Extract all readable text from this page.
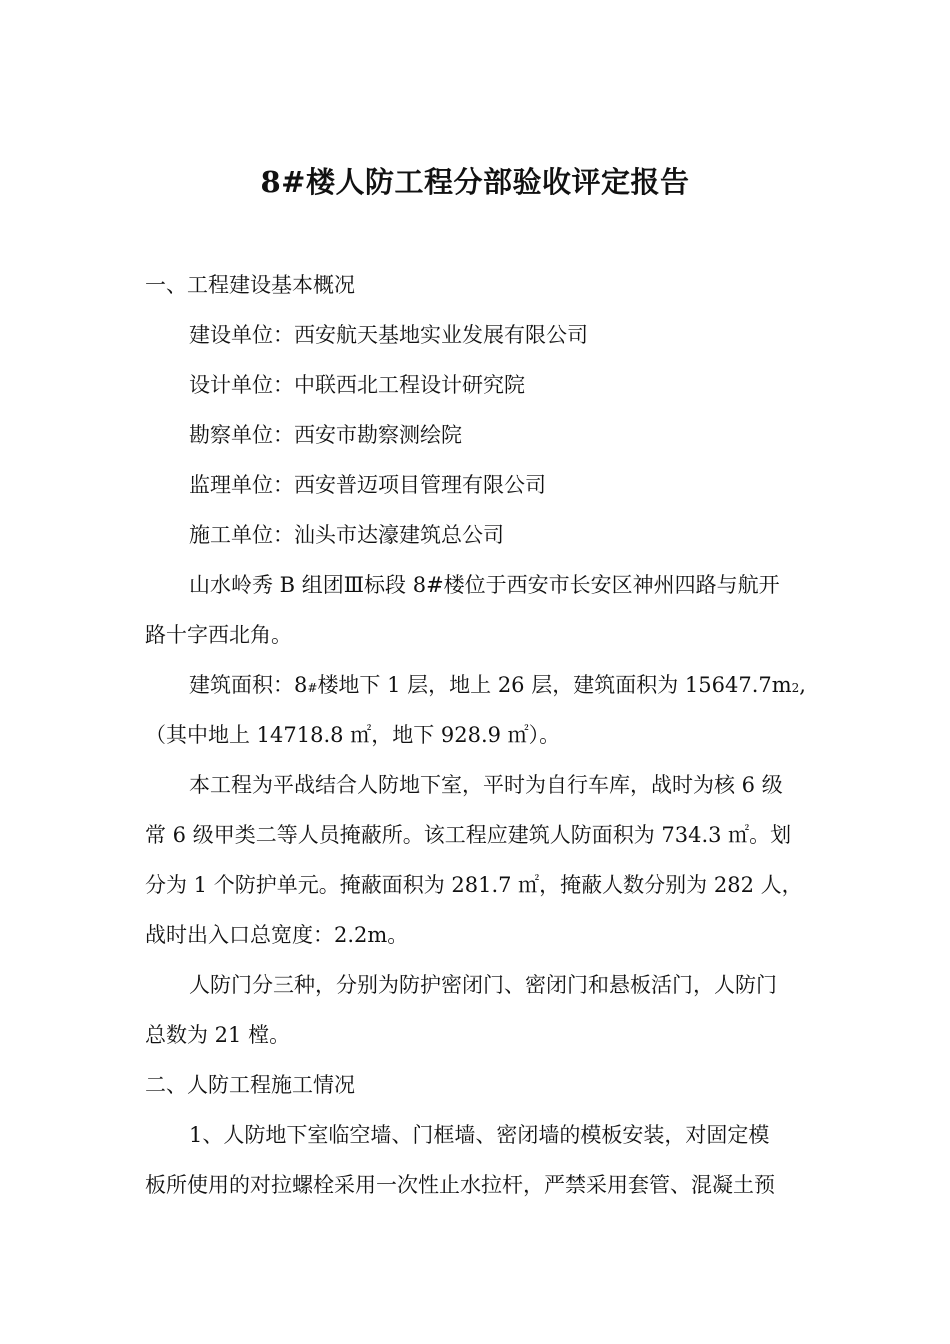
8#楼人防工程分部验收评定报告
一、工程建设基本概况
建设单位：西安航天基地实业发展有限公司
设计单位：中联西北工程设计研究院
勘察单位：西安市勘察测绘院
监理单位：西安普迈项目管理有限公司
施工单位：汕头市达濠建筑总公司
山水岭秀 B 组团Ⅲ标段 8#楼位于西安市长安区神州四路与航开
路十字西北角。
建筑面积：8#楼地下 1 层，地上 26 层，建筑面积为 15647.7m2,
（其中地上 14718.8 ㎡，地下 928.9 ㎡）。
本工程为平战结合人防地下室，平时为自行车库，战时为核 6 级
常 6 级甲类二等人员掩蔽所。该工程应建筑人防面积为 734.3 ㎡。划
分为 1 个防护单元。掩蔽面积为 281.7 ㎡，掩蔽人数分别为 282 人，
战时出入口总宽度：2.2m。
人防门分三种，分别为防护密闭门、密闭门和悬板活门，人防门
总数为 21 樘。
二、人防工程施工情况
1、人防地下室临空墙、门框墙、密闭墙的模板安装，对固定模
板所使用的对拉螺栓采用一次性止水拉杆，严禁采用套管、混凝土预
